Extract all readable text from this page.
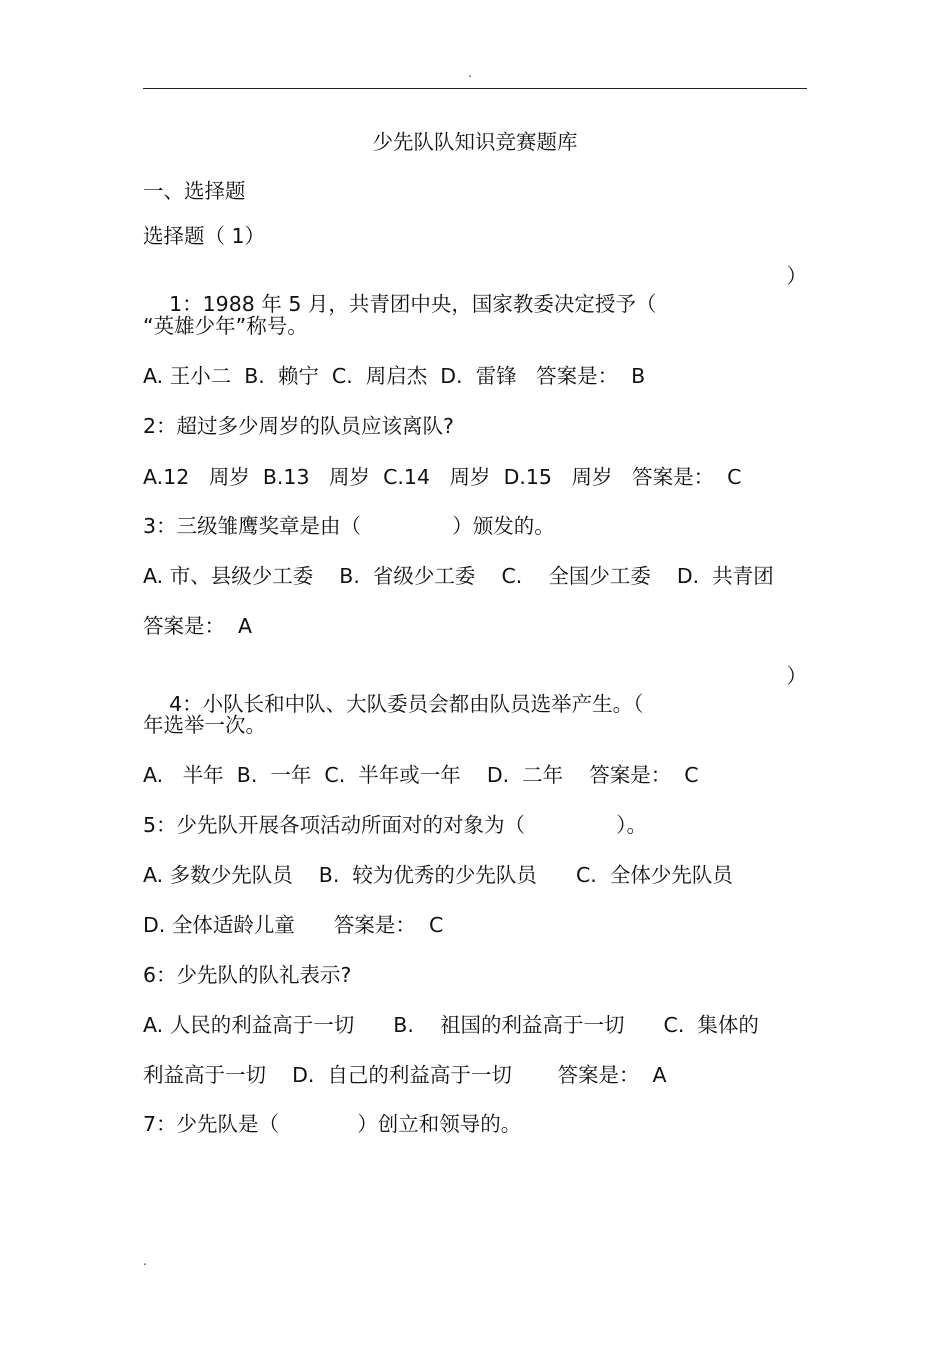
.
少先队队知识竞赛题库
一、选择题
选择题（ 1）

1：1988 年 5 月，共青团中央，国家教委决定授予（

）

“英雄少年”称号。
A. 王小二  B.  赖宁  C.  周启杰  D.  雷锋   答案是：  B
2：超过多少周岁的队员应该离队?
A.12   周岁  B.13   周岁  C.14   周岁  D.15   周岁   答案是：  C
3：三级雏鹰奖章是由（              ）颁发的。
A. 市、县级少工委    B.  省级少工委    C.    全国少工委    D.  共青团
答案是：  A

4：小队长和中队、大队委员会都由队员选举产生。（

）

年选举一次。
A.   半年  B.  一年  C.  半年或一年    D.  二年    答案是：  C
5：少先队开展各项活动所面对的对象为（              ）。
A. 多数少先队员    B.  较为优秀的少先队员      C.  全体少先队员
D. 全体适龄儿童      答案是：  C
6：少先队的队礼表示?
A. 人民的利益高于一切      B.    祖国的利益高于一切      C.  集体的
利益高于一切    D.  自己的利益高于一切       答案是：  A
7：少先队是（            ）创立和领导的。
.
